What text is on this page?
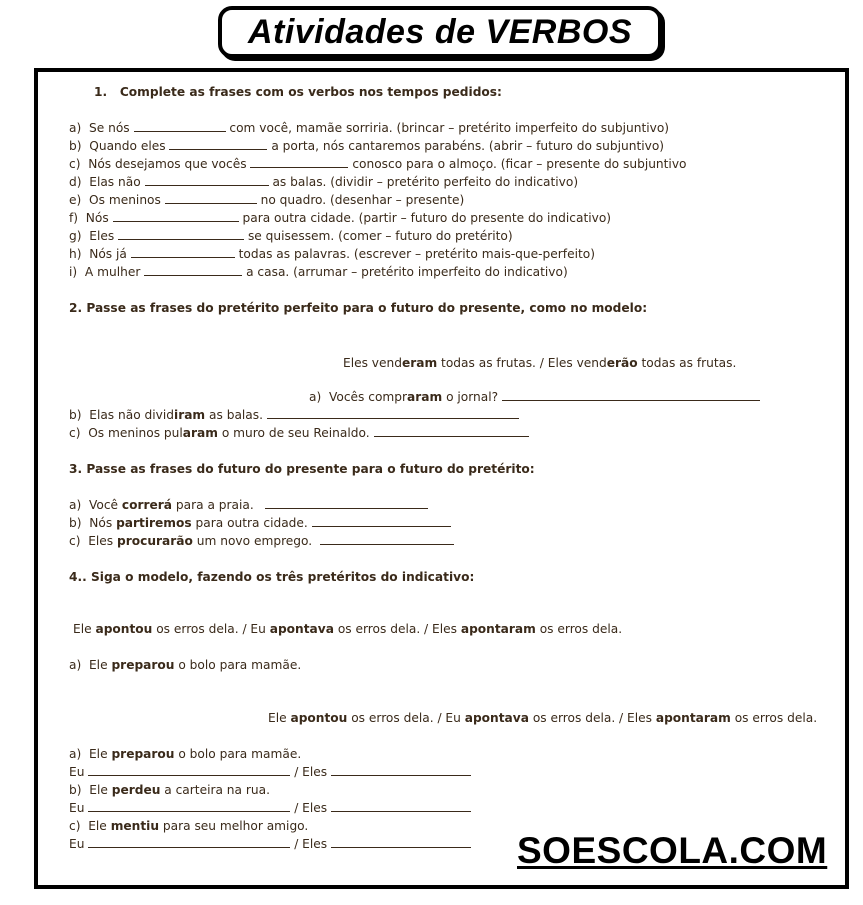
Atividades de VERBOS
1. Complete as frases com os verbos nos tempos pedidos:
a) Se nós	com você, mamãe sorriria. (brincar – pretérito imperfeito do subjuntivo)
b) Quando eles	a porta, nós cantaremos parabéns. (abrir – futuro do subjuntivo)
c) Nós desejamos que vocês	conosco para o almoço. (ficar – presente do subjuntivo
d) Elas não	as balas. (dividir – pretérito perfeito do indicativo)
e) Os meninos	no quadro. (desenhar – presente)
f) Nós	para outra cidade. (partir – futuro do presente do indicativo)
g) Eles	se quisessem. (comer – futuro do pretérito)
h) Nós já	todas as palavras. (escrever – pretérito mais-que-perfeito)
i) A mulher	a casa. (arrumar – pretérito imperfeito do indicativo)
2. Passe as frases do pretérito perfeito para o futuro do presente, como no modelo:
Eles venderam todas as frutas. / Eles venderão todas as frutas.
a) Vocês compraram o jornal?
b) Elas não dividiram as balas.
c) Os meninos pularam o muro de seu Reinaldo.
3. Passe as frases do futuro do presente para o futuro do pretérito:
a) Você correrá para a praia.
b) Nós partiremos para outra cidade.
c) Eles procurarão um novo emprego.
4.. Siga o modelo, fazendo os três pretéritos do indicativo:
Ele apontou os erros dela. / Eu apontava os erros dela. / Eles apontaram os erros dela.
a) Ele preparou o bolo para mamãe.
Ele apontou os erros dela. / Eu apontava os erros dela. / Eles apontaram os erros dela.
a) Ele preparou o bolo para mamãe.
Eu	/ Eles
b) Ele perdeu a carteira na rua.
Eu	/ Eles
c) Ele mentiu para seu melhor amigo.
Eu	/ Eles	SOESCOLA.COM
